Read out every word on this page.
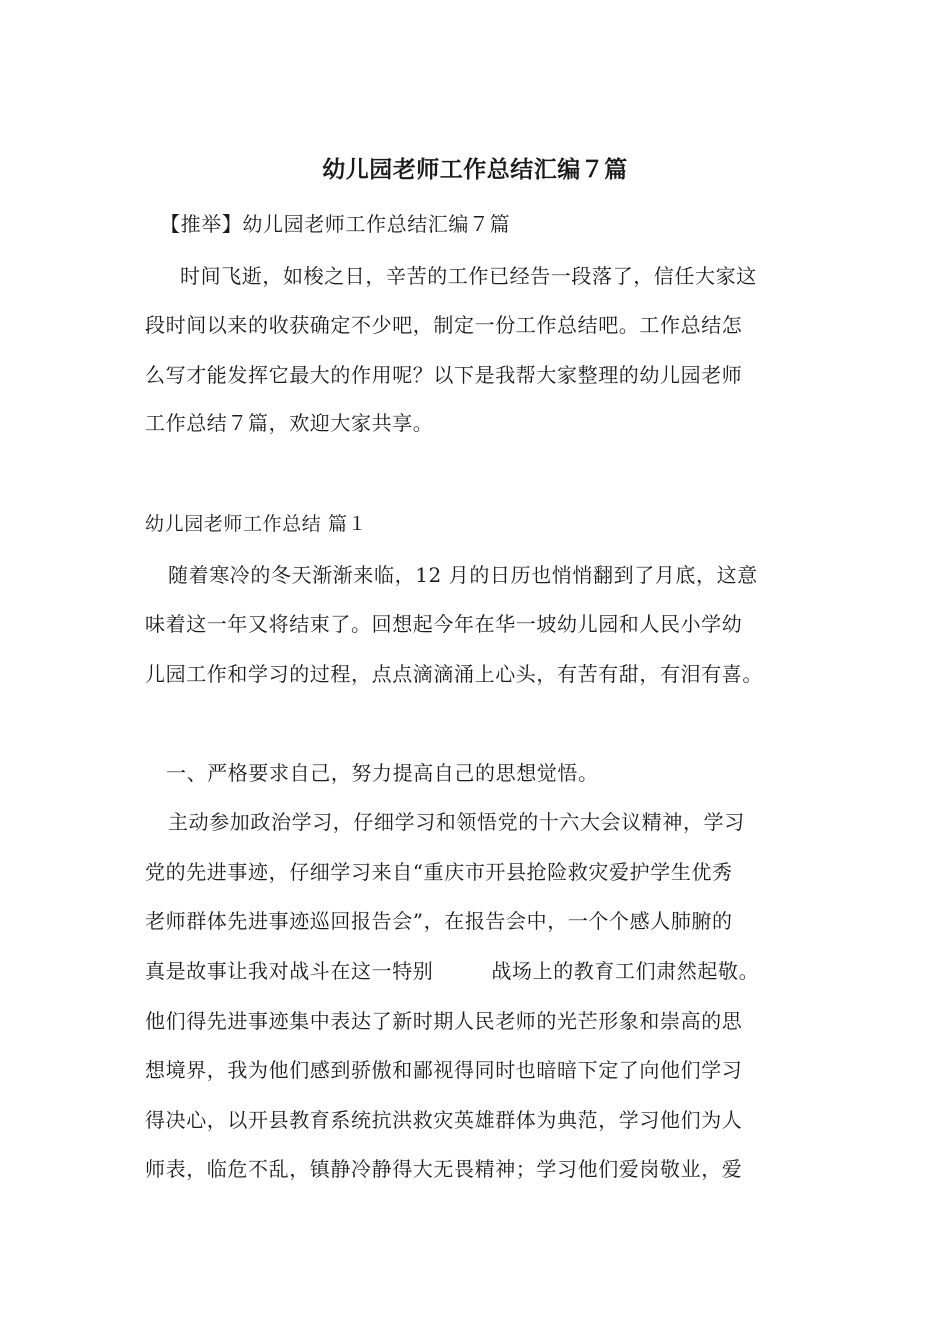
幼儿园老师工作总结汇编７篇
【推举】幼儿园老师工作总结汇编７篇
时间飞逝，如梭之日，辛苦的工作已经告一段落了，信任大家这
段时间以来的收获确定不少吧，制定一份工作总结吧。工作总结怎
么写才能发挥它最大的作用呢？以下是我帮大家整理的幼儿园老师
工作总结７篇，欢迎大家共享。
幼儿园老师工作总结 篇１
随着寒冷的冬天渐渐来临，12 月的日历也悄悄翻到了月底，这意
味着这一年又将结束了。回想起今年在华一坡幼儿园和人民小学幼
儿园工作和学习的过程，点点滴滴涌上心头，有苦有甜，有泪有喜。
一、严格要求自己，努力提高自己的思想觉悟。
主动参加政治学习，仔细学习和领悟党的十六大会议精神，学习
党的先进事迹，仔细学习来自“重庆市开县抢险救灾爱护学生优秀
老师群体先进事迹巡回报告会”，在报告会中，一个个感人肺腑的
真是故事让我对战斗在这一特别	战场上的教育工们肃然起敬。
他们得先进事迹集中表达了新时期人民老师的光芒形象和崇高的思
想境界，我为他们感到骄傲和鄙视得同时也暗暗下定了向他们学习
得决心，以开县教育系统抗洪救灾英雄群体为典范，学习他们为人
师表，临危不乱，镇静冷静得大无畏精神；学习他们爱岗敬业，爱
